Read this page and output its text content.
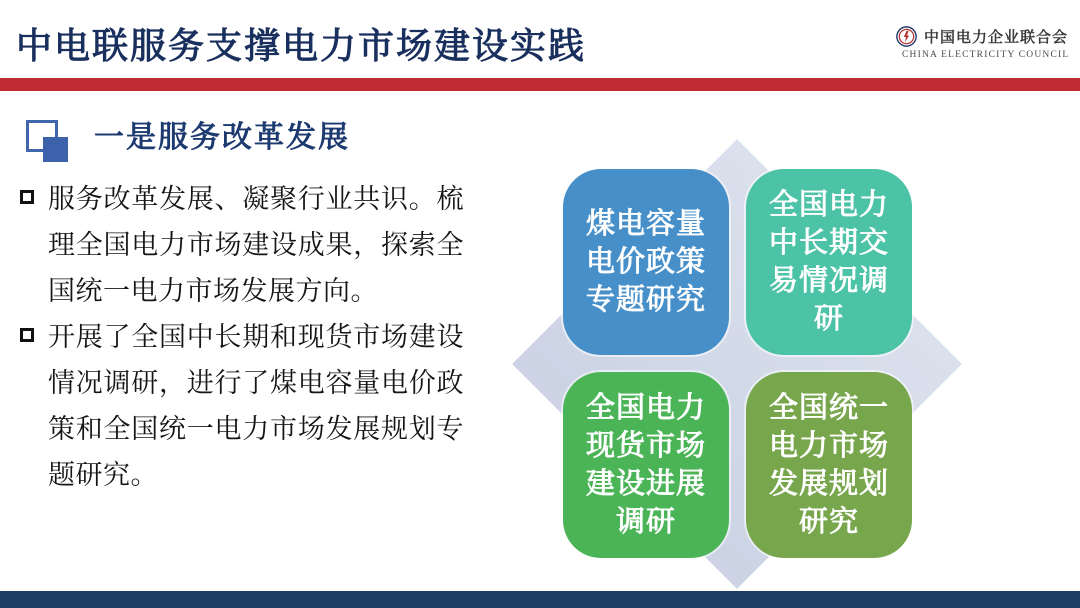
中电联服务支撑电力市场建设实践	中国电力企业联合会
CHINA ELECTRICITY COUNCIL
一是服务改革发展
服务改革发展、凝聚行业共识。梳理全国电力市场建设成果，探索全国统一电力市场发展方向。
开展了全国中长期和现货市场建设情况调研，进行了煤电容量电价政策和全国统一电力市场发展规划专题研究。
煤电容量电价政策专题研究
全国电力中长期交易情况调研
全国电力现货市场建设进展调研
全国统一电力市场发展规划研究
